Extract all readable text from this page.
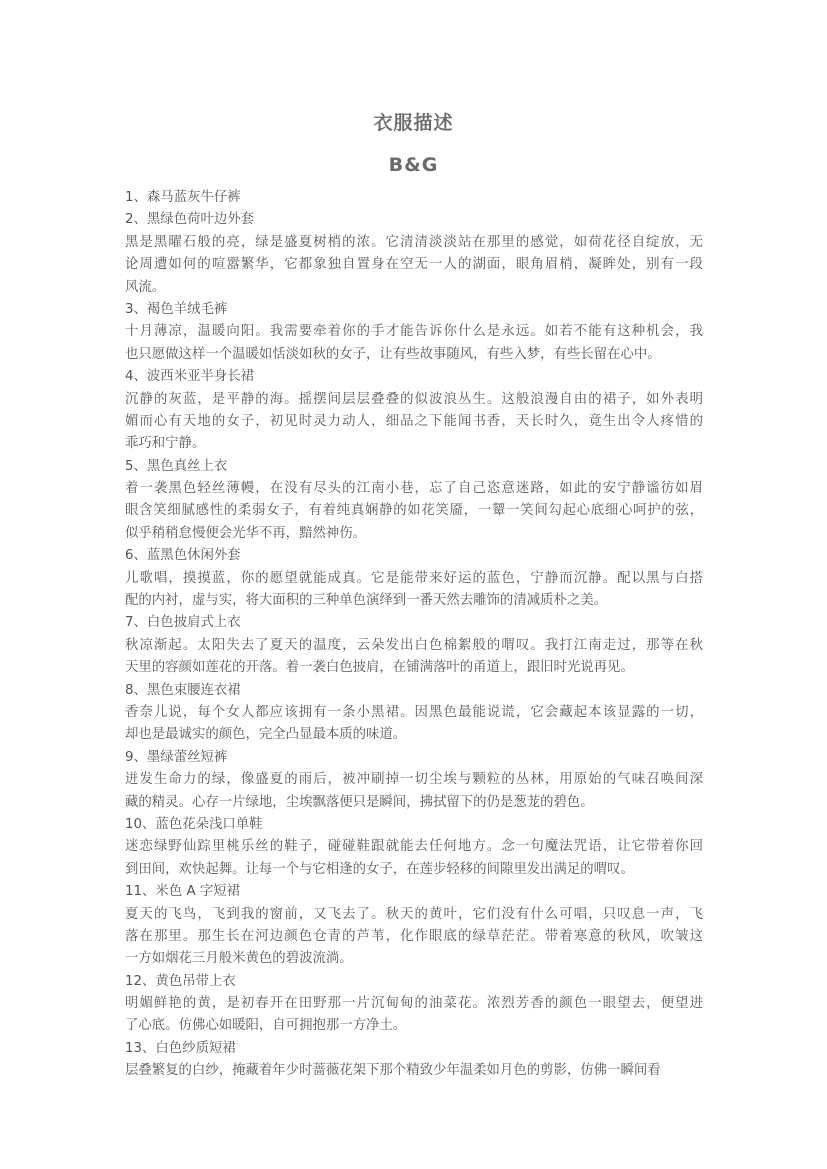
衣服描述
B&G
1、森马蓝灰牛仔裤
2、黑绿色荷叶边外套
黑是黑曜石般的亮，绿是盛夏树梢的浓。它清清淡淡站在那里的感觉，如荷花径自绽放，无
论周遭如何的喧嚣繁华，它都象独自置身在空无一人的湖面，眼角眉梢，凝眸处，别有一段
风流。
3、褐色羊绒毛裤
十月薄凉，温暖向阳。我需要牵着你的手才能告诉你什么是永远。如若不能有这种机会，我
也只愿做这样一个温暖如恬淡如秋的女子，让有些故事随风，有些入梦，有些长留在心中。
4、波西米亚半身长裙
沉静的灰蓝，是平静的海。摇摆间层层叠叠的似波浪丛生。这般浪漫自由的裙子，如外表明
媚而心有天地的女子，初见时灵力动人，细品之下能闻书香，天长时久，竟生出令人疼惜的
乖巧和宁静。
5、黑色真丝上衣
着一袭黑色轻丝薄幔，在没有尽头的江南小巷，忘了自己恣意迷路，如此的安宁静谧彷如眉
眼含笑细腻感性的柔弱女子，有着纯真娴静的如花笑靥，一颦一笑间勾起心底细心呵护的弦，
似乎稍稍怠慢便会光华不再，黯然神伤。
6、蓝黑色休闲外套
儿歌唱，摸摸蓝，你的愿望就能成真。它是能带来好运的蓝色，宁静而沉静。配以黑与白搭
配的内衬，虚与实，将大面积的三种单色演绎到一番天然去雕饰的清减质朴之美。
7、白色披肩式上衣
秋凉渐起。太阳失去了夏天的温度，云朵发出白色棉絮般的喟叹。我打江南走过，那等在秋
天里的容颜如莲花的开落。着一袭白色披肩，在铺满落叶的甬道上，跟旧时光说再见。
8、黑色束腰连衣裙
香奈儿说，每个女人都应该拥有一条小黑裙。因黑色最能说谎，它会藏起本该显露的一切，
却也是最诚实的颜色，完全凸显最本质的味道。
9、墨绿蕾丝短裤
迸发生命力的绿，像盛夏的雨后，被冲刷掉一切尘埃与颗粒的丛林，用原始的气味召唤间深
藏的精灵。心存一片绿地，尘埃飘落便只是瞬间，拂拭留下的仍是葱茏的碧色。
10、蓝色花朵浅口单鞋
迷恋绿野仙踪里桃乐丝的鞋子，碰碰鞋跟就能去任何地方。念一句魔法咒语，让它带着你回
到田间，欢快起舞。让每一个与它相逢的女子，在莲步轻移的间隙里发出满足的喟叹。
11、米色 A 字短裙
夏天的飞鸟，飞到我的窗前，又飞去了。秋天的黄叶，它们没有什么可唱，只叹息一声，飞
落在那里。那生长在河边颜色仓青的芦苇，化作眼底的绿草茫茫。带着寒意的秋风，吹皱这
一方如烟花三月般米黄色的碧波流淌。
12、黄色吊带上衣
明媚鲜艳的黄，是初春开在田野那一片沉甸甸的油菜花。浓烈芳香的颜色一眼望去，便望进
了心底。仿佛心如暖阳，自可拥抱那一方净土。
13、白色纱质短裙
层叠繁复的白纱，掩藏着年少时蔷薇花架下那个精致少年温柔如月色的剪影，仿佛一瞬间看
